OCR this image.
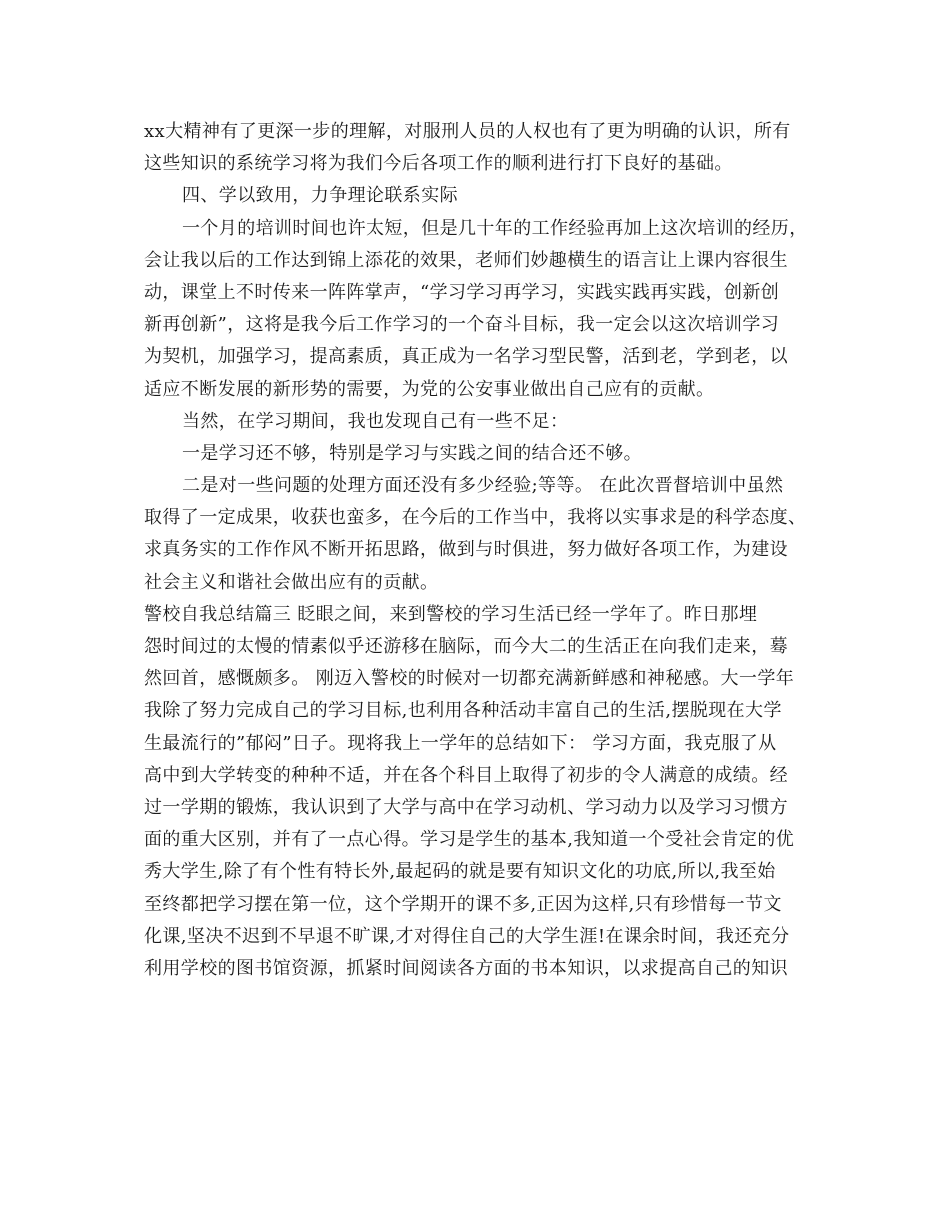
xx大精神有了更深一步的理解，对服刑人员的人权也有了更为明确的认识，所有
这些知识的系统学习将为我们今后各项工作的顺利进行打下良好的基础。
四、学以致用，力争理论联系实际
一个月的培训时间也许太短，但是几十年的工作经验再加上这次培训的经历，
会让我以后的工作达到锦上添花的效果，老师们妙趣横生的语言让上课内容很生
动，课堂上不时传来一阵阵掌声，“学习学习再学习，实践实践再实践，创新创
新再创新”，这将是我今后工作学习的一个奋斗目标，我一定会以这次培训学习
为契机，加强学习，提高素质，真正成为一名学习型民警，活到老，学到老，以
适应不断发展的新形势的需要，为党的公安事业做出自己应有的贡献。
当然，在学习期间，我也发现自己有一些不足：
一是学习还不够，特别是学习与实践之间的结合还不够。
二是对一些问题的处理方面还没有多少经验;等等。 在此次晋督培训中虽然
取得了一定成果，收获也蛮多，在今后的工作当中，我将以实事求是的科学态度、
求真务实的工作作风不断开拓思路，做到与时俱进，努力做好各项工作，为建设
社会主义和谐社会做出应有的贡献。
警校自我总结篇三 眨眼之间，来到警校的学习生活已经一学年了。昨日那埋
怨时间过的太慢的情素似乎还游移在脑际，而今大二的生活正在向我们走来，蓦
然回首，感慨颇多。 刚迈入警校的时候对一切都充满新鲜感和神秘感。大一学年
我除了努力完成自己的学习目标,也利用各种活动丰富自己的生活,摆脱现在大学
生最流行的”郁闷”日子。现将我上一学年的总结如下： 学习方面，我克服了从
高中到大学转变的种种不适，并在各个科目上取得了初步的令人满意的成绩。经
过一学期的锻炼，我认识到了大学与高中在学习动机、学习动力以及学习习惯方
面的重大区别，并有了一点心得。学习是学生的基本,我知道一个受社会肯定的优
秀大学生,除了有个性有特长外,最起码的就是要有知识文化的功底,所以,我至始
至终都把学习摆在第一位，这个学期开的课不多,正因为这样,只有珍惜每一节文
化课,坚决不迟到不早退不旷课,才对得住自己的大学生涯!在课余时间，我还充分
利用学校的图书馆资源，抓紧时间阅读各方面的书本知识，以求提高自己的知识
